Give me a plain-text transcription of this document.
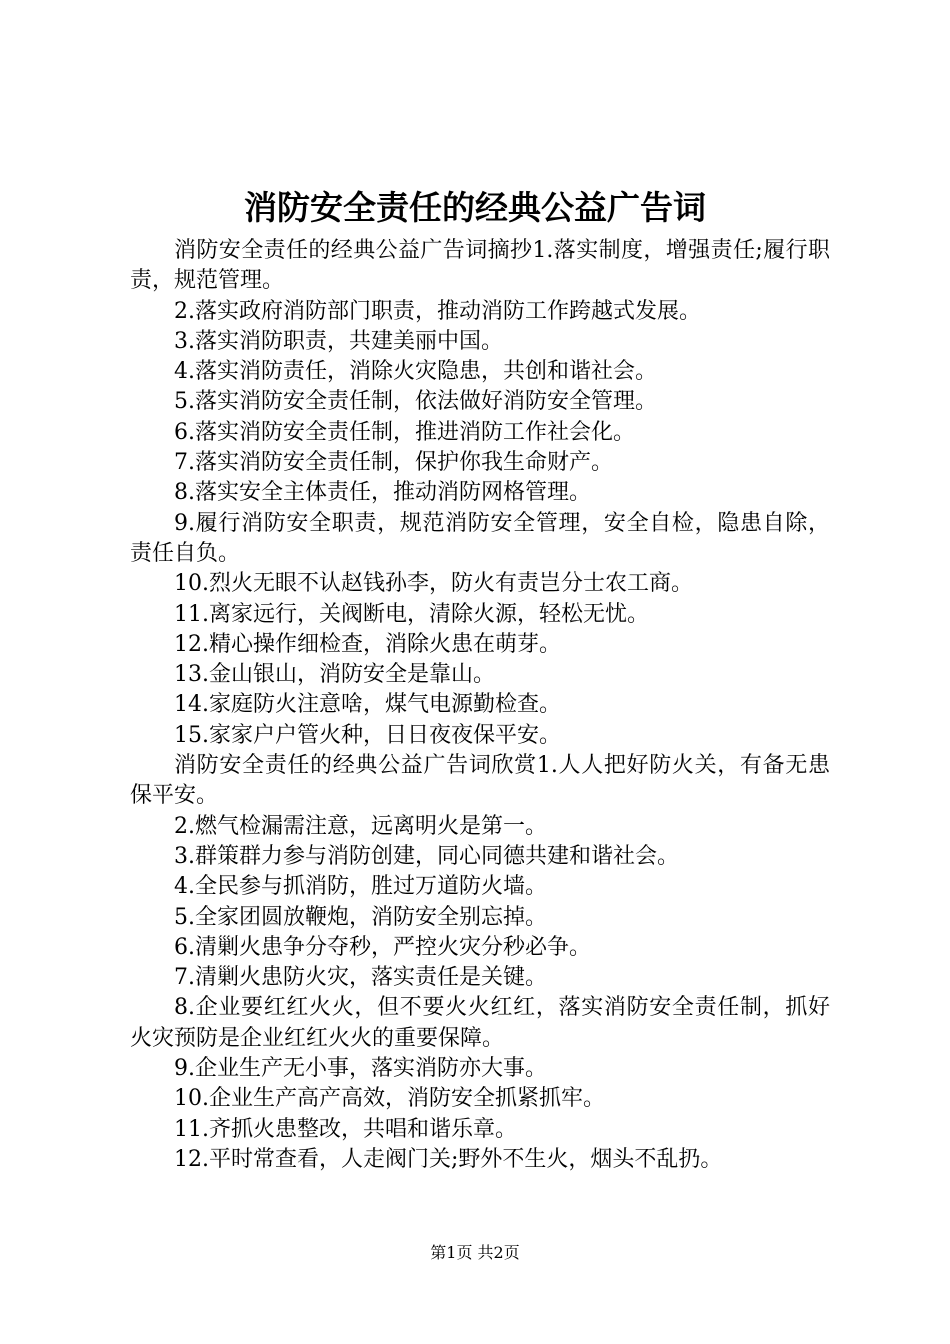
消防安全责任的经典公益广告词

消防安全责任的经典公益广告词摘抄1.落实制度，增强责任;履行职责，规范管理。

2.落实政府消防部门职责，推动消防工作跨越式发展。

3.落实消防职责，共建美丽中国。

4.落实消防责任，消除火灾隐患，共创和谐社会。

5.落实消防安全责任制，依法做好消防安全管理。

6.落实消防安全责任制，推进消防工作社会化。

7.落实消防安全责任制，保护你我生命财产。

8.落实安全主体责任，推动消防网格管理。

9.履行消防安全职责，规范消防安全管理，安全自检，隐患自除，责任自负。

10.烈火无眼不认赵钱孙李，防火有责岂分士农工商。

11.离家远行，关阀断电，清除火源，轻松无忧。

12.精心操作细检查，消除火患在萌芽。

13.金山银山，消防安全是靠山。

14.家庭防火注意啥，煤气电源勤检查。

15.家家户户管火种，日日夜夜保平安。

消防安全责任的经典公益广告词欣赏1.人人把好防火关，有备无患保平安。

2.燃气检漏需注意，远离明火是第一。

3.群策群力参与消防创建，同心同德共建和谐社会。

4.全民参与抓消防，胜过万道防火墙。

5.全家团圆放鞭炮，消防安全别忘掉。

6.清剿火患争分夺秒，严控火灾分秒必争。

7.清剿火患防火灾，落实责任是关键。

8.企业要红红火火，但不要火火红红，落实消防安全责任制，抓好火灾预防是企业红红火火的重要保障。

9.企业生产无小事，落实消防亦大事。

10.企业生产高产高效，消防安全抓紧抓牢。

11.齐抓火患整改，共唱和谐乐章。

12.平时常查看，人走阀门关;野外不生火，烟头不乱扔。

第1页 共2页
